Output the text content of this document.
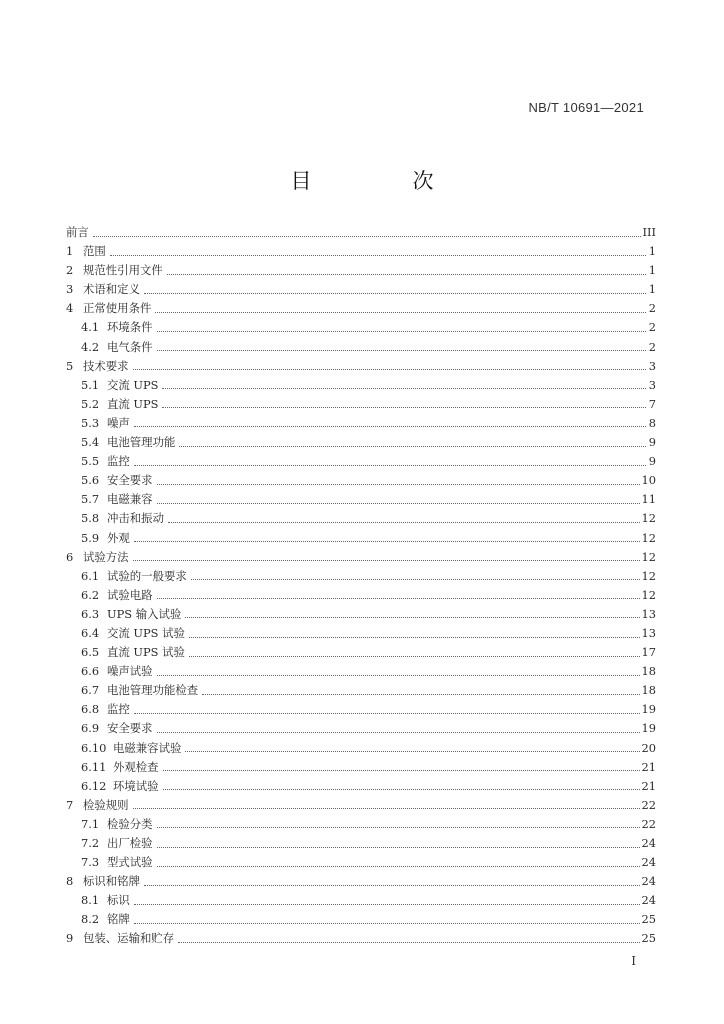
NB/T 10691—2021
目　次
前言	III
1 范围	1
2 规范性引用文件	1
3 术语和定义	1
4 正常使用条件	2
4.1 环境条件	2
4.2 电气条件	2
5 技术要求	3
5.1 交流 UPS	3
5.2 直流 UPS	7
5.3 噪声	8
5.4 电池管理功能	9
5.5 监控	9
5.6 安全要求	10
5.7 电磁兼容	11
5.8 冲击和振动	12
5.9 外观	12
6 试验方法	12
6.1 试验的一般要求	12
6.2 试验电路	12
6.3 UPS 输入试验	13
6.4 交流 UPS 试验	13
6.5 直流 UPS 试验	17
6.6 噪声试验	18
6.7 电池管理功能检查	18
6.8 监控	19
6.9 安全要求	19
6.10 电磁兼容试验	20
6.11 外观检查	21
6.12 环境试验	21
7 检验规则	22
7.1 检验分类	22
7.2 出厂检验	24
7.3 型式试验	24
8 标识和铭牌	24
8.1 标识	24
8.2 铭牌	25
9 包装、运输和贮存	25
I
